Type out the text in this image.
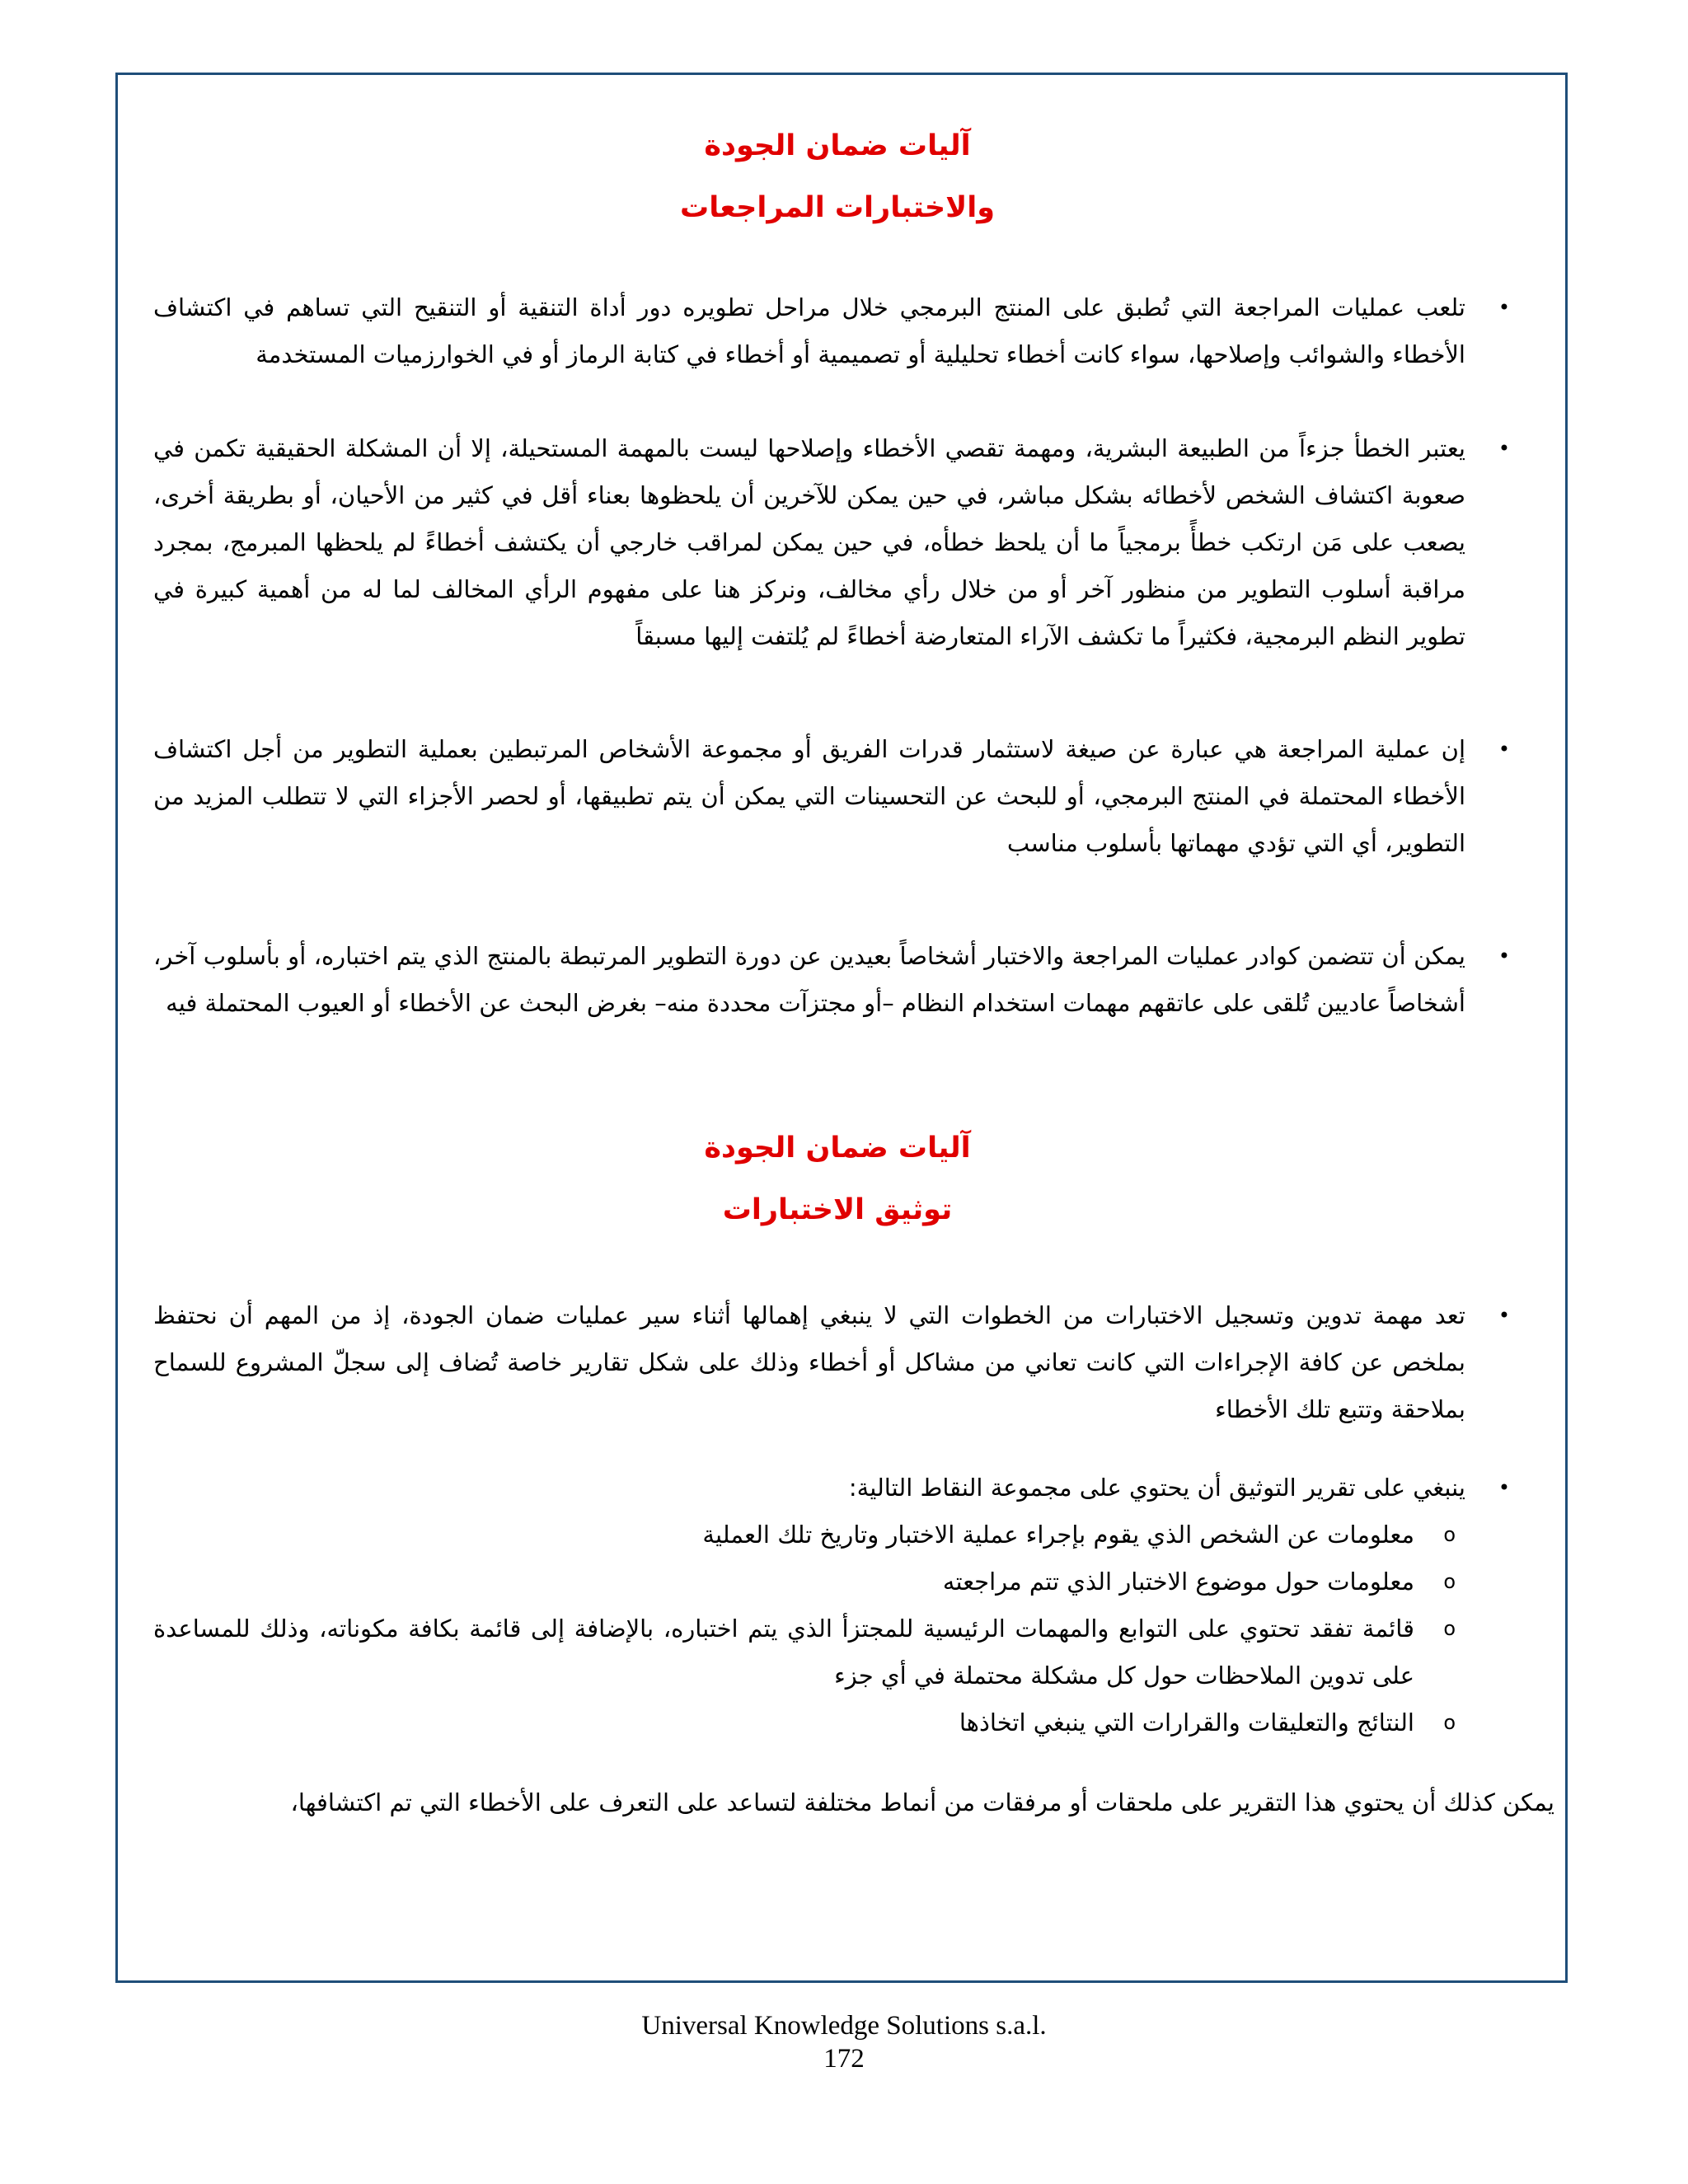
آليات ضمان الجودة

والاختبارات المراجعات

•
تلعب عمليات المراجعة التي تُطبق على المنتج البرمجي خلال مراحل تطويره دور أداة التنقية أو التنقيح التي تساهم في اكتشاف الأخطاء والشوائب وإصلاحها، سواء كانت أخطاء تحليلية أو تصميمية أو أخطاء في كتابة الرماز أو في الخوارزميات المستخدمة
•
يعتبر الخطأ جزءاً من الطبيعة البشرية، ومهمة تقصي الأخطاء وإصلاحها ليست بالمهمة المستحيلة، إلا أن المشكلة الحقيقية تكمن في صعوبة اكتشاف الشخص لأخطائه بشكل مباشر، في حين يمكن للآخرين أن يلحظوها بعناء أقل في كثير من الأحيان، أو بطريقة أخرى، يصعب على مَن ارتكب خطأً برمجياً ما أن يلحظ خطأه، في حين يمكن لمراقب خارجي أن يكتشف أخطاءً لم يلحظها المبرمج، بمجرد مراقبة أسلوب التطوير من منظور آخر أو من خلال رأي مخالف، ونركز هنا على مفهوم الرأي المخالف لما له من أهمية كبيرة في تطوير النظم البرمجية، فكثيراً ما تكشف الآراء المتعارضة أخطاءً لم يُلتفت إليها مسبقاً
•
إن عملية المراجعة هي عبارة عن صيغة لاستثمار قدرات الفريق أو مجموعة الأشخاص المرتبطين بعملية التطوير من أجل اكتشاف الأخطاء المحتملة في المنتج البرمجي، أو للبحث عن التحسينات التي يمكن أن يتم تطبيقها، أو لحصر الأجزاء التي لا تتطلب المزيد من التطوير، أي التي تؤدي مهماتها بأسلوب مناسب
•
يمكن أن تتضمن كوادر عمليات المراجعة والاختبار أشخاصاً بعيدين عن دورة التطوير المرتبطة بالمنتج الذي يتم اختباره، أو بأسلوب آخر، أشخاصاً عاديين تُلقى على عاتقهم مهمات استخدام النظام –أو مجتزآت محددة منه– بغرض البحث عن الأخطاء أو العيوب المحتملة فيه

آليات ضمان الجودة

توثيق الاختبارات

•
تعد مهمة تدوين وتسجيل الاختبارات من الخطوات التي لا ينبغي إهمالها أثناء سير عمليات ضمان الجودة، إذ من المهم أن نحتفظ بملخص عن كافة الإجراءات التي كانت تعاني من مشاكل أو أخطاء وذلك على شكل تقارير خاصة تُضاف إلى سجلّ المشروع للسماح بملاحقة وتتبع تلك الأخطاء
•
ينبغي على تقرير التوثيق أن يحتوي على مجموعة النقاط التالية:
o
معلومات عن الشخص الذي يقوم بإجراء عملية الاختبار وتاريخ تلك العملية
o
معلومات حول موضوع الاختبار الذي تتم مراجعته
o
قائمة تفقد تحتوي على التوابع والمهمات الرئيسية للمجتزأ الذي يتم اختباره، بالإضافة إلى قائمة بكافة مكوناته، وذلك للمساعدة على تدوين الملاحظات حول كل مشكلة محتملة في أي جزء
o
النتائج والتعليقات والقرارات التي ينبغي اتخاذها

يمكن كذلك أن يحتوي هذا التقرير على ملحقات أو مرفقات من أنماط مختلفة لتساعد على التعرف على الأخطاء التي تم اكتشافها،

Universal Knowledge Solutions s.a.l.
172
